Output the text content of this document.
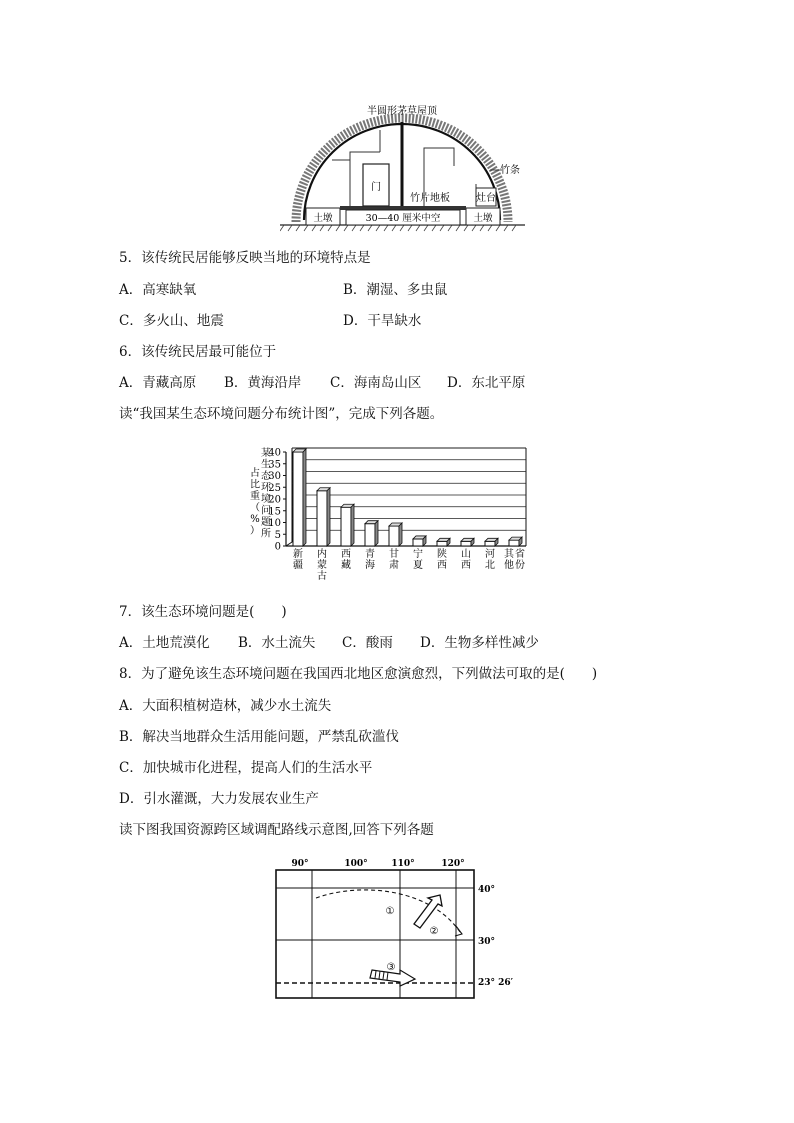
半圆形茅草屋顶
竹条
门
竹片地板	灶台
土墩	土墩
30—40 厘米中空
5．该传统民居能够反映当地的环境特点是
A．高寒缺氧	B．潮湿、多虫鼠
C．多火山、地震	D．干旱缺水
6．该传统民居最可能位于
A．青藏高原 B．黄海沿岸 C．海南岛山区 D．东北平原
读“我国某生态环境问题分布统计图”，完成下列各题。
某
生
态
环
境
问
题
所
占
比
重
（
%
）
0
5
10
15
20
25
30
35
40
新
疆
内
蒙
古
西
藏
青
海
甘
肃
宁
夏
陕
西
山
西
河
北
其
他
省
份
7．该生态环境问题是(　　)
A．土地荒漠化 B．水土流失 C．酸雨 D．生物多样性减少
8．为了避免该生态环境问题在我国西北地区愈演愈烈，下列做法可取的是(　　)
A．大面积植树造林，减少水土流失
B．解决当地群众生活用能问题，严禁乱砍滥伐
C．加快城市化进程，提高人们的生活水平
D．引水灌溉，大力发展农业生产
读下图我国资源跨区域调配路线示意图,回答下列各题
90°	100°	110°	120°
40°
30°
23° 26′
①
②
③
